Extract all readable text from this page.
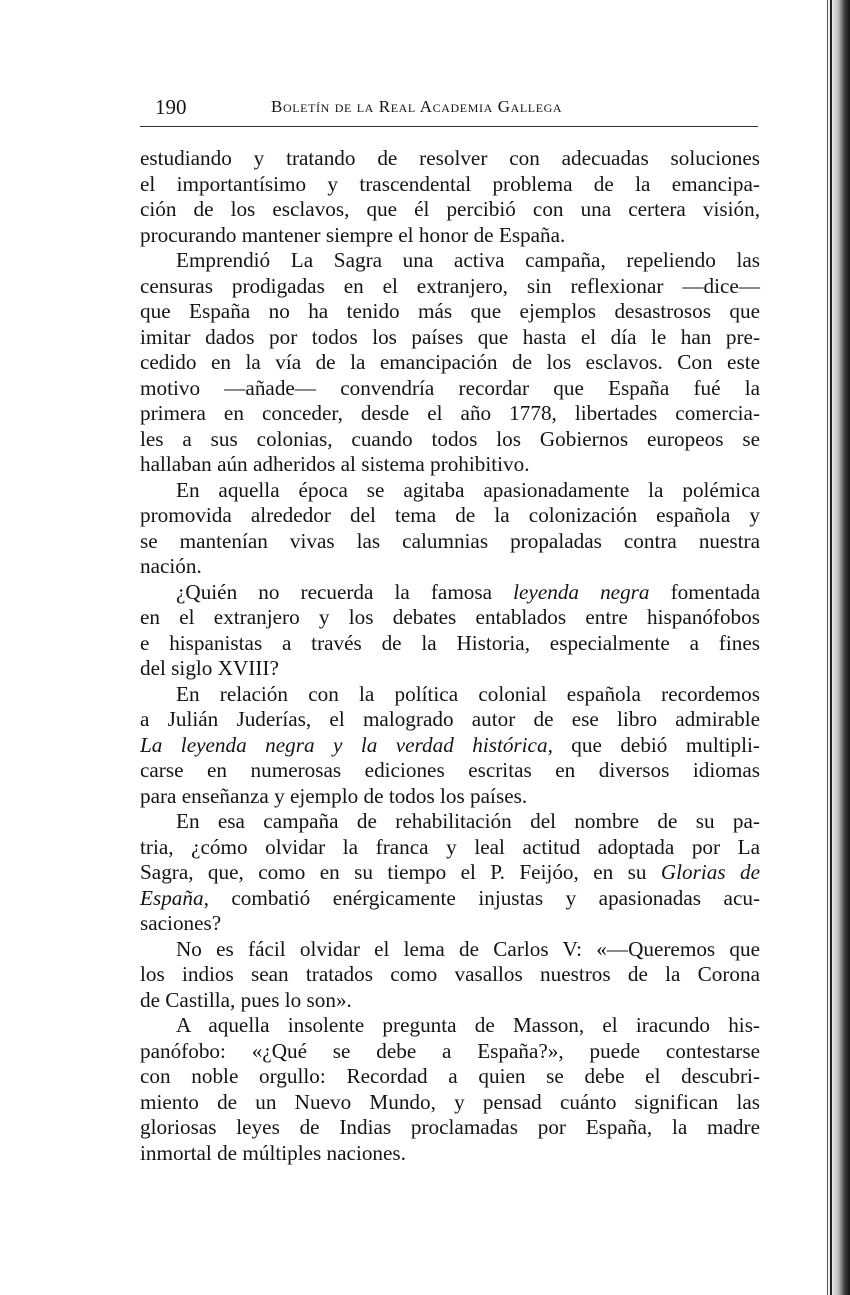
190	Boletín de la Real Academia Gallega
estudiando y tratando de resolver con adecuadas soluciones
el importantísimo y trascendental problema de la emancipa-
ción de los esclavos, que él percibió con una certera visión,
procurando mantener siempre el honor de España.
Emprendió La Sagra una activa campaña, repeliendo las
censuras prodigadas en el extranjero, sin reflexionar —dice—
que España no ha tenido más que ejemplos desastrosos que
imitar dados por todos los países que hasta el día le han pre-
cedido en la vía de la emancipación de los esclavos. Con este
motivo —añade— convendría recordar que España fué la
primera en conceder, desde el año 1778, libertades comercia-
les a sus colonias, cuando todos los Gobiernos europeos se
hallaban aún adheridos al sistema prohibitivo.
En aquella época se agitaba apasionadamente la polémica
promovida alrededor del tema de la colonización española y
se mantenían vivas las calumnias propaladas contra nuestra
nación.
¿Quién no recuerda la famosa leyenda negra fomentada
en el extranjero y los debates entablados entre hispanófobos
e hispanistas a través de la Historia, especialmente a fines
del siglo XVIII?
En relación con la política colonial española recordemos
a Julián Juderías, el malogrado autor de ese libro admirable
La leyenda negra y la verdad histórica, que debió multipli-
carse en numerosas ediciones escritas en diversos idiomas
para enseñanza y ejemplo de todos los países.
En esa campaña de rehabilitación del nombre de su pa-
tria, ¿cómo olvidar la franca y leal actitud adoptada por La
Sagra, que, como en su tiempo el P. Feijóo, en su Glorias de
España, combatió enérgicamente injustas y apasionadas acu-
saciones?
No es fácil olvidar el lema de Carlos V: «—Queremos que
los indios sean tratados como vasallos nuestros de la Corona
de Castilla, pues lo son».
A aquella insolente pregunta de Masson, el iracundo his-
panófobo: «¿Qué se debe a España?», puede contestarse
con noble orgullo: Recordad a quien se debe el descubri-
miento de un Nuevo Mundo, y pensad cuánto significan las
gloriosas leyes de Indias proclamadas por España, la madre
inmortal de múltiples naciones.
